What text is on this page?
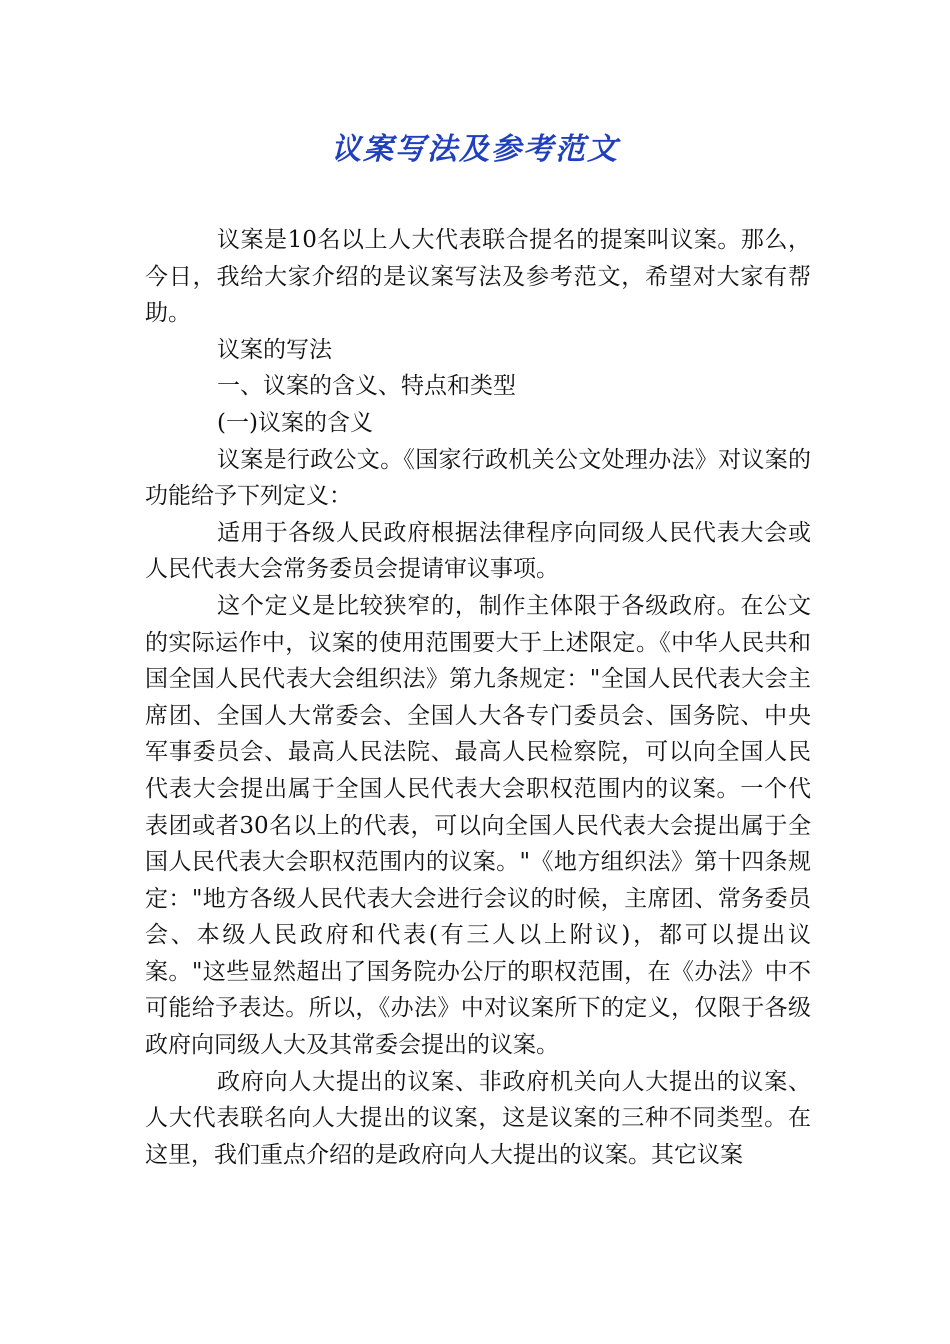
议案写法及参考范文

议案是10名以上人大代表联合提名的提案叫议案。那么，今日，我给大家介绍的是议案写法及参考范文，希望对大家有帮助。

议案的写法

一、议案的含义、特点和类型

(一)议案的含义

议案是行政公文。《国家行政机关公文处理办法》对议案的功能给予下列定义：

适用于各级人民政府根据法律程序向同级人民代表大会或人民代表大会常务委员会提请审议事项。

这个定义是比较狭窄的，制作主体限于各级政府。在公文的实际运作中，议案的使用范围要大于上述限定。《中华人民共和国全国人民代表大会组织法》第九条规定："全国人民代表大会主席团、全国人大常委会、全国人大各专门委员会、国务院、中央军事委员会、最高人民法院、最高人民检察院，可以向全国人民代表大会提出属于全国人民代表大会职权范围内的议案。一个代表团或者30名以上的代表，可以向全国人民代表大会提出属于全国人民代表大会职权范围内的议案。"《地方组织法》第十四条规定："地方各级人民代表大会进行会议的时候，主席团、常务委员会、本级人民政府和代表(有三人以上附议)，都可以提出议案。"这些显然超出了国务院办公厅的职权范围，在《办法》中不可能给予表达。所以，《办法》中对议案所下的定义，仅限于各级政府向同级人大及其常委会提出的议案。

政府向人大提出的议案、非政府机关向人大提出的议案、人大代表联名向人大提出的议案，这是议案的三种不同类型。在这里，我们重点介绍的是政府向人大提出的议案。其它议案
